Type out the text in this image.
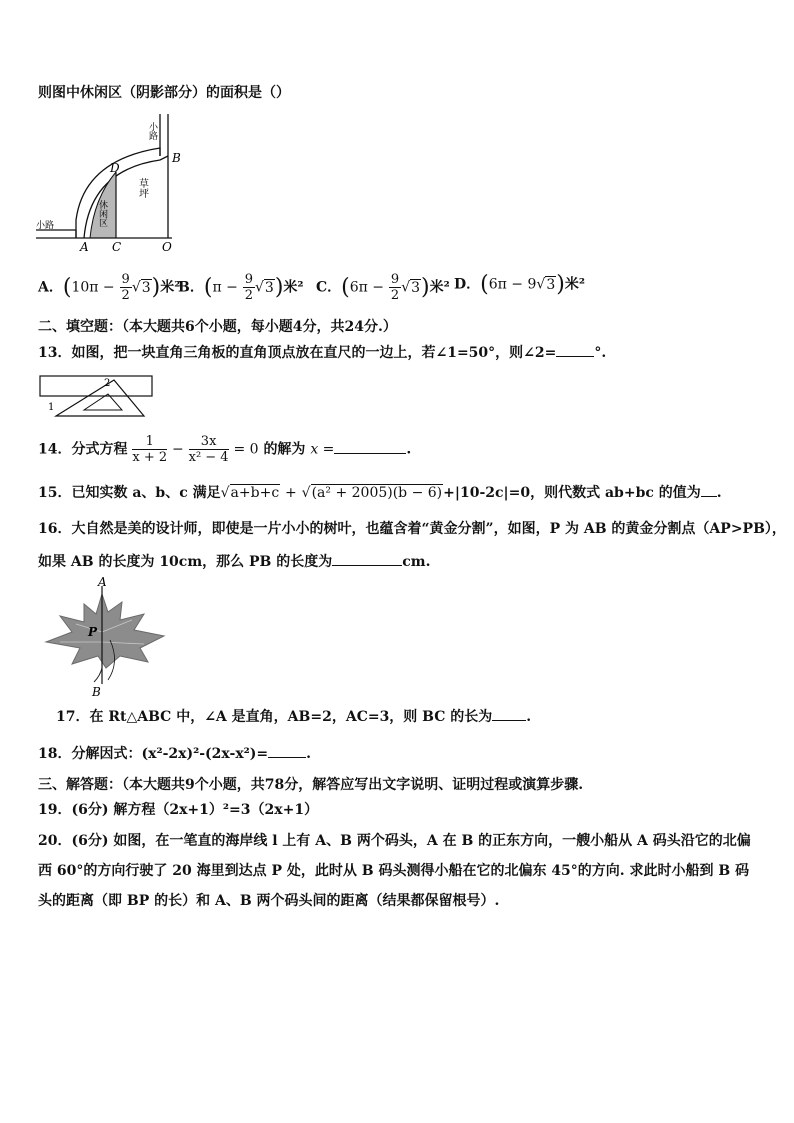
则图中休闲区（阴影部分）的面积是（）
小路
小路	休闲区
草坪
A
B
C
D
O
A．$(10\pi - \frac{9}{2} √3)$米²
B．$(\pi - \frac{9}{2} √3)$米² C．$(6\pi - \frac{9}{2} √3)$米² D．(6π − 9√3)米²
二、填空题：（本大题共6个小题，每小题4分，共24分.）
13．如图，把一块直角三角板的直角顶点放在直尺的一边上，若∠1=50°，则∠2=	°.
1
2
14．分式方程 $\frac{1}{x + 2} - \frac{3x}{\text{x² − 4}} = 0$ 的解为 x =	.
15．已知实数 a、b、c 满足√a+b+c + √(a² + 2005)(b − 6)+|10-2c|=0，则代数式 ab+bc 的值为 .
16．大自然是美的设计师，即使是一片小小的树叶，也蕴含着“黄金分割”，如图，P 为 AB 的黄金分割点（AP>PB），
如果 AB 的长度为 10cm，那么 PB 的长度为	cm.
A
P
B
17．在 Rt△ABC 中，∠A 是直角，AB=2，AC=3，则 BC 的长为 .
18．分解因式：(x²-2x)²-(2x-x²)=	.
三、解答题：（本大题共9个小题，共78分，解答应写出文字说明、证明过程或演算步骤.
19．(6分) 解方程（2x+1）²=3（2x+1）
20．(6分) 如图，在一笔直的海岸线 l 上有 A、B 两个码头，A 在 B 的正东方向，一艘小船从 A 码头沿它的北偏西 60°的方向行驶了 20 海里到达点 P 处，此时从 B 码头测得小船在它的北偏东 45°的方向. 求此时小船到 B 码头的距离（即 BP 的长）和 A、B 两个码头间的距离（结果都保留根号）.
